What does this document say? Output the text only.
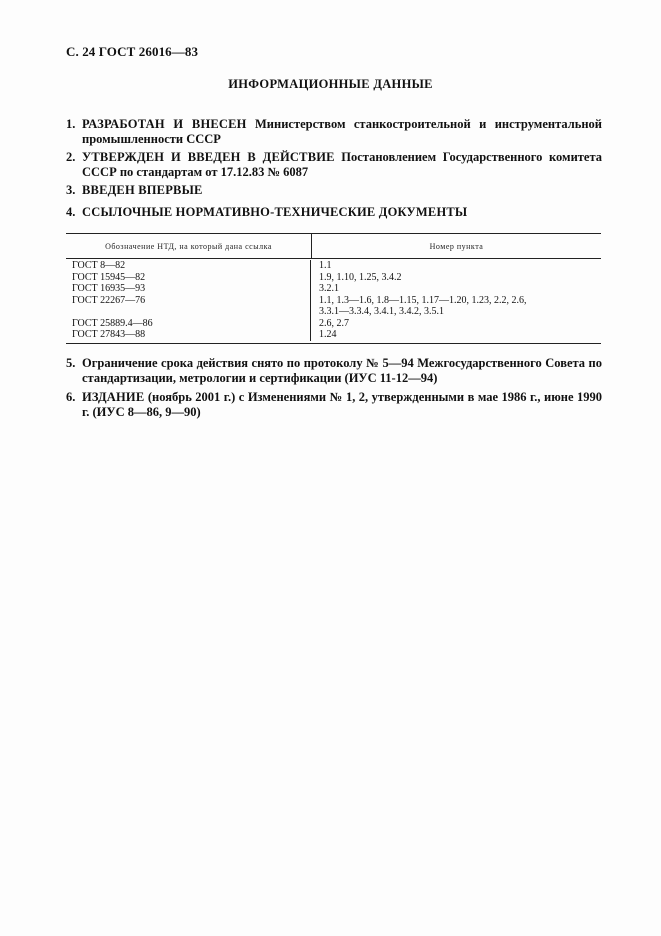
С. 24 ГОСТ 26016—83
ИНФОРМАЦИОННЫЕ ДАННЫЕ
1. РАЗРАБОТАН И ВНЕСЕН Министерством станкостроительной и инструментальной промышленности СССР
2. УТВЕРЖДЕН И ВВЕДЕН В ДЕЙСТВИЕ Постановлением Государственного комитета СССР по стандартам от 17.12.83 № 6087
3. ВВЕДЕН ВПЕРВЫЕ
4. ССЫЛОЧНЫЕ НОРМАТИВНО-ТЕХНИЧЕСКИЕ ДОКУМЕНТЫ
Обозначение НТД, на который дана ссылка	Номер пункта
ГОСТ 8—82
ГОСТ 15945—82
ГОСТ 16935—93
ГОСТ 22267—76
ГОСТ 25889.4—86
ГОСТ 27843—88
1.1
1.9, 1.10, 1.25, 3.4.2
3.2.1
1.1, 1.3—1.6, 1.8—1.15, 1.17—1.20, 1.23, 2.2, 2.6,
3.3.1—3.3.4, 3.4.1, 3.4.2, 3.5.1
2.6, 2.7
1.24
5. Ограничение срока действия снято по протоколу № 5—94 Межгосударственного Совета по стандартизации, метрологии и сертификации (ИУС 11-12—94)
6. ИЗДАНИЕ (ноябрь 2001 г.) с Изменениями № 1, 2, утвержденными в мае 1986 г., июне 1990 г. (ИУС 8—86, 9—90)
